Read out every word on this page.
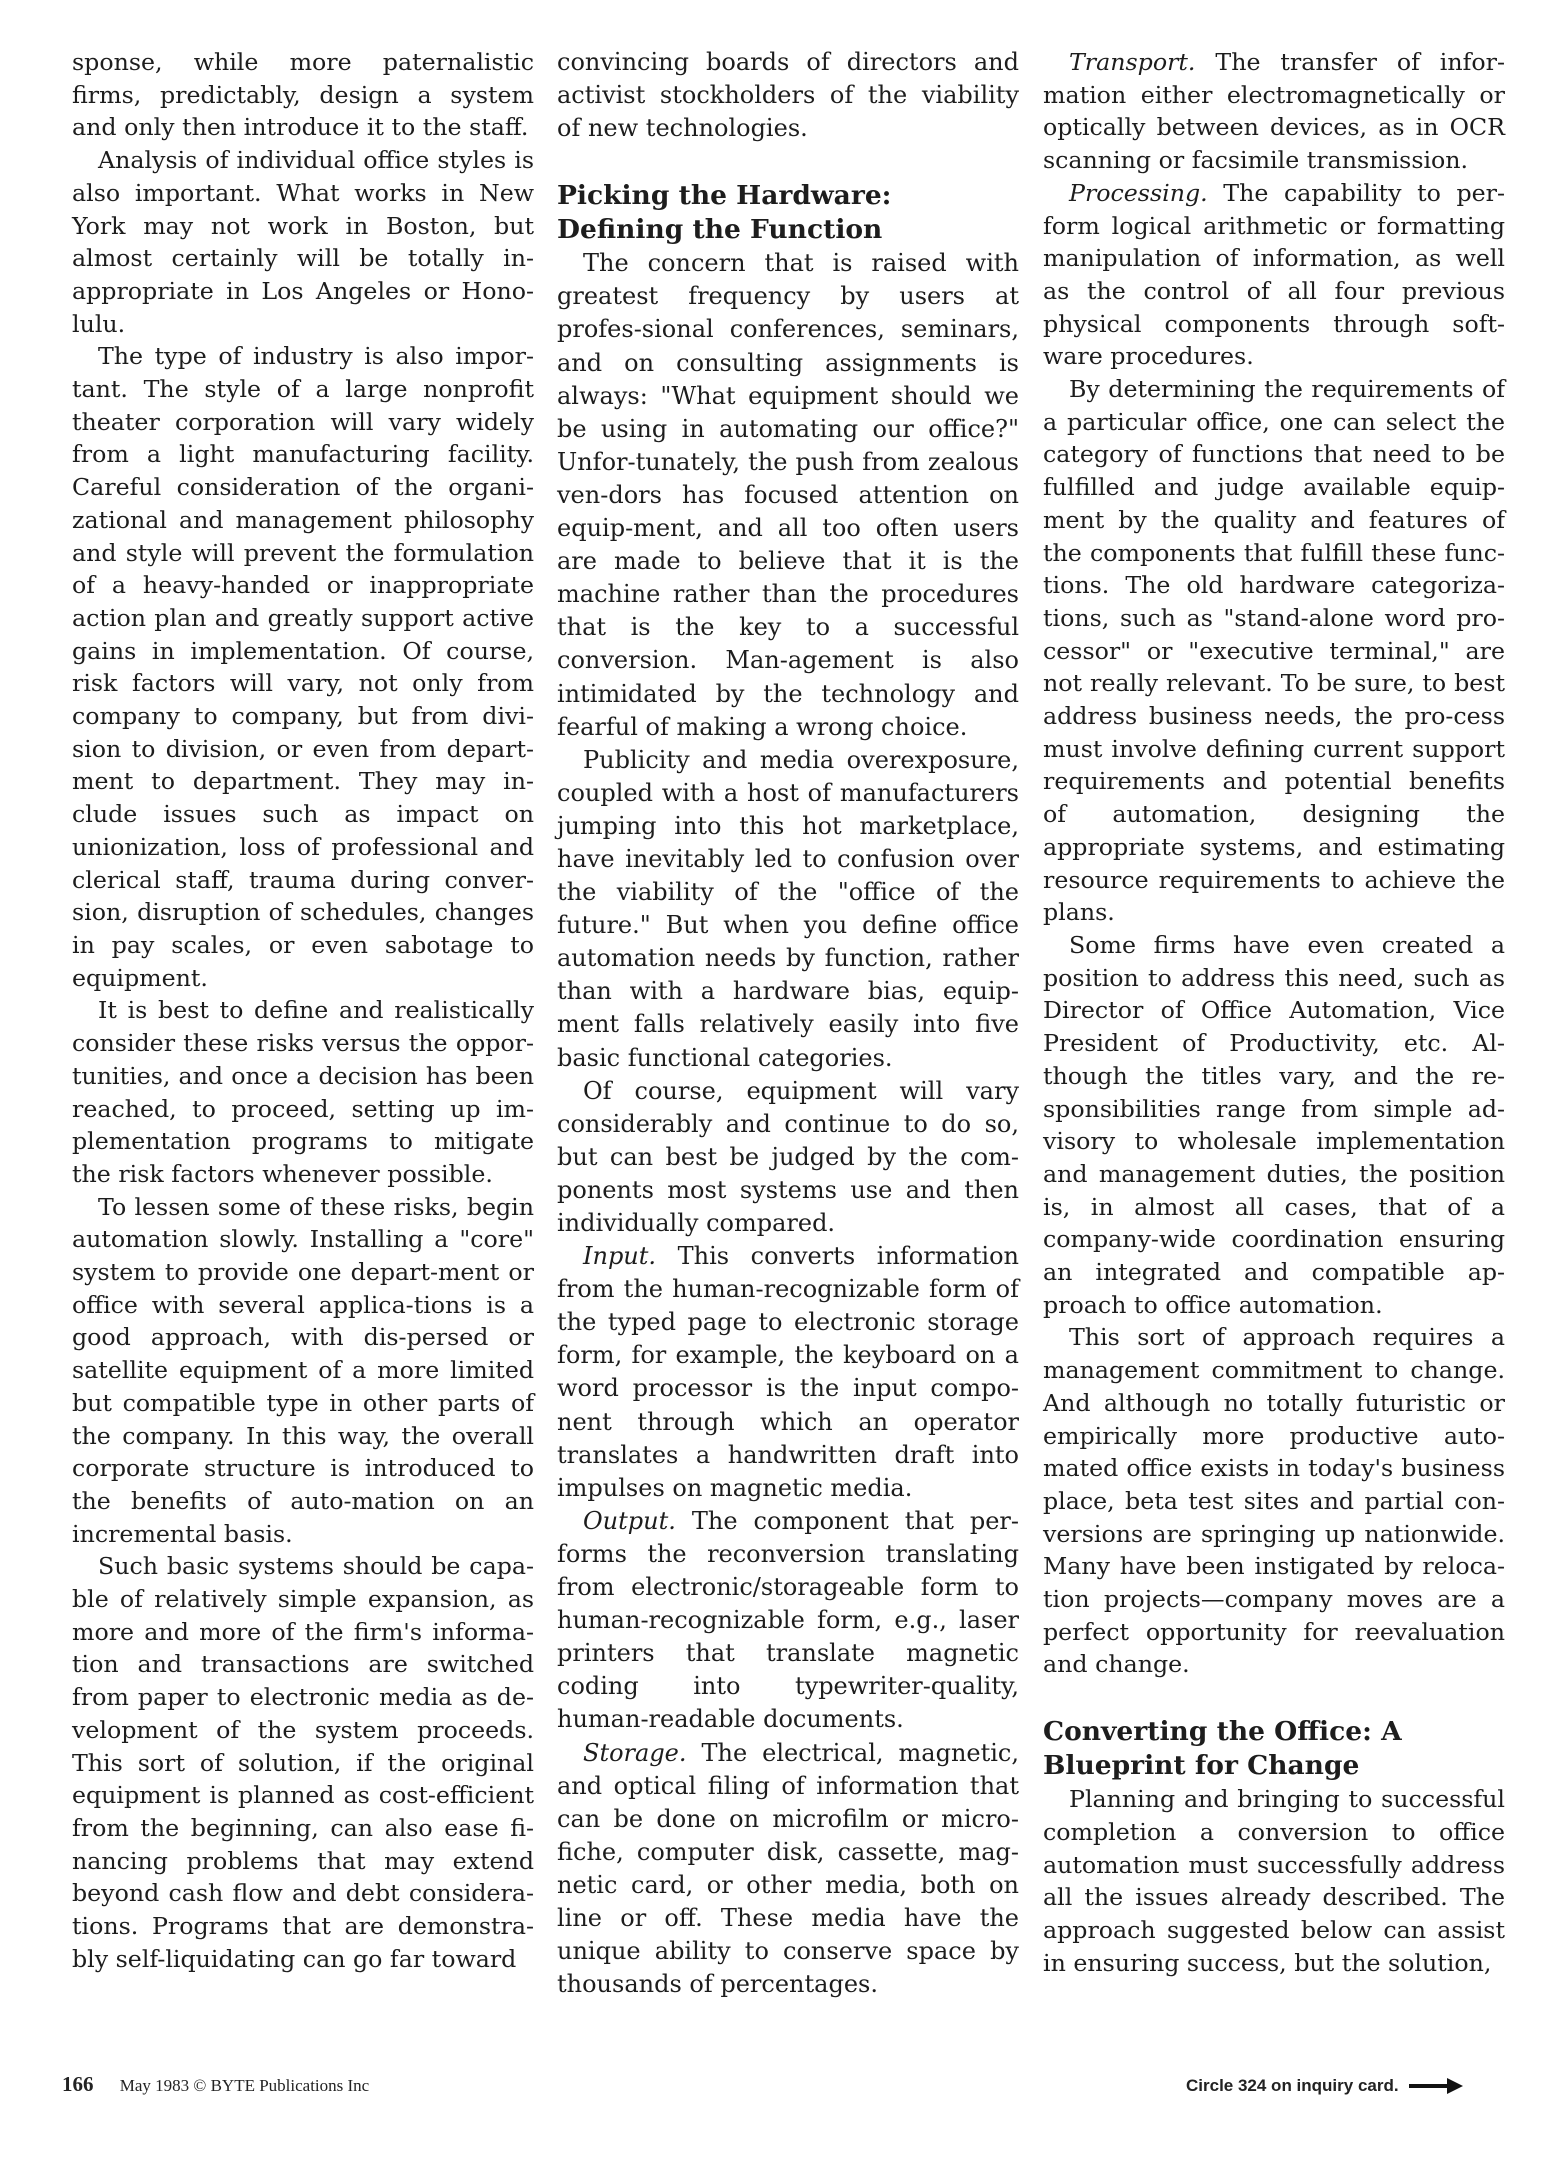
sponse, while more paternalistic firms, predictably, design a system and only then introduce it to the staff.

Analysis of individual office styles is also important. What works in New York may not work in Boston, but almost certainly will be totally in-appropriate in Los Angeles or Hono-lulu.

The type of industry is also impor-tant. The style of a large nonprofit theater corporation will vary widely from a light manufacturing facility. Careful consideration of the organi-zational and management philosophy and style will prevent the formulation of a heavy-handed or inappropriate action plan and greatly support active gains in implementation. Of course, risk factors will vary, not only from company to company, but from divi-sion to division, or even from depart-ment to department. They may in-clude issues such as impact on unionization, loss of professional and clerical staff, trauma during conver-sion, disruption of schedules, changes in pay scales, or even sabotage to equipment.

It is best to define and realistically consider these risks versus the oppor-tunities, and once a decision has been reached, to proceed, setting up im-plementation programs to mitigate the risk factors whenever possible.

To lessen some of these risks, begin automation slowly. Installing a "core" system to provide one depart-ment or office with several applica-tions is a good approach, with dis-persed or satellite equipment of a more limited but compatible type in other parts of the company. In this way, the overall corporate structure is introduced to the benefits of auto-mation on an incremental basis.

Such basic systems should be capa-ble of relatively simple expansion, as more and more of the firm's informa-tion and transactions are switched from paper to electronic media as de-velopment of the system proceeds. This sort of solution, if the original equipment is planned as cost-efficient from the beginning, can also ease fi-nancing problems that may extend beyond cash flow and debt considera-tions. Programs that are demonstra-bly self-liquidating can go far toward

convincing boards of directors and activist stockholders of the viability of new technologies.

Picking the Hardware: Defining the Function

The concern that is raised with greatest frequency by users at profes-sional conferences, seminars, and on consulting assignments is always: "What equipment should we be using in automating our office?" Unfor-tunately, the push from zealous ven-dors has focused attention on equip-ment, and all too often users are made to believe that it is the machine rather than the procedures that is the key to a successful conversion. Man-agement is also intimidated by the technology and fearful of making a wrong choice.

Publicity and media overexposure, coupled with a host of manufacturers jumping into this hot marketplace, have inevitably led to confusion over the viability of the "office of the future." But when you define office automation needs by function, rather than with a hardware bias, equip-ment falls relatively easily into five basic functional categories.

Of course, equipment will vary considerably and continue to do so, but can best be judged by the com-ponents most systems use and then individually compared.

Input. This converts information from the human-recognizable form of the typed page to electronic storage form, for example, the keyboard on a word processor is the input compo-nent through which an operator translates a handwritten draft into impulses on magnetic media.

Output. The component that per-forms the reconversion translating from electronic/storageable form to human-recognizable form, e.g., laser printers that translate magnetic coding into typewriter-quality, human-readable documents.

Storage. The electrical, magnetic, and optical filing of information that can be done on microfilm or micro-fiche, computer disk, cassette, mag-netic card, or other media, both on line or off. These media have the unique ability to conserve space by thousands of percentages.

Transport. The transfer of infor-mation either electromagnetically or optically between devices, as in OCR scanning or facsimile transmission.

Processing. The capability to per-form logical arithmetic or formatting manipulation of information, as well as the control of all four previous physical components through soft-ware procedures.

By determining the requirements of a particular office, one can select the category of functions that need to be fulfilled and judge available equip-ment by the quality and features of the components that fulfill these func-tions. The old hardware categoriza-tions, such as "stand-alone word pro-cessor" or "executive terminal," are not really relevant. To be sure, to best address business needs, the pro-cess must involve defining current support requirements and potential benefits of automation, designing the appropriate systems, and estimating resource requirements to achieve the plans.

Some firms have even created a position to address this need, such as Director of Office Automation, Vice President of Productivity, etc. Al-though the titles vary, and the re-sponsibilities range from simple ad-visory to wholesale implementation and management duties, the position is, in almost all cases, that of a company-wide coordination ensuring an integrated and compatible ap-proach to office automation.

This sort of approach requires a management commitment to change. And although no totally futuristic or empirically more productive auto-mated office exists in today's business place, beta test sites and partial con-versions are springing up nationwide. Many have been instigated by reloca-tion projects—company moves are a perfect opportunity for reevaluation and change.

Converting the Office: A Blueprint for Change

Planning and bringing to successful completion a conversion to office automation must successfully address all the issues already described. The approach suggested below can assist in ensuring success, but the solution,

166 May 1983 © BYTE Publications Inc	Circle 324 on inquiry card.
